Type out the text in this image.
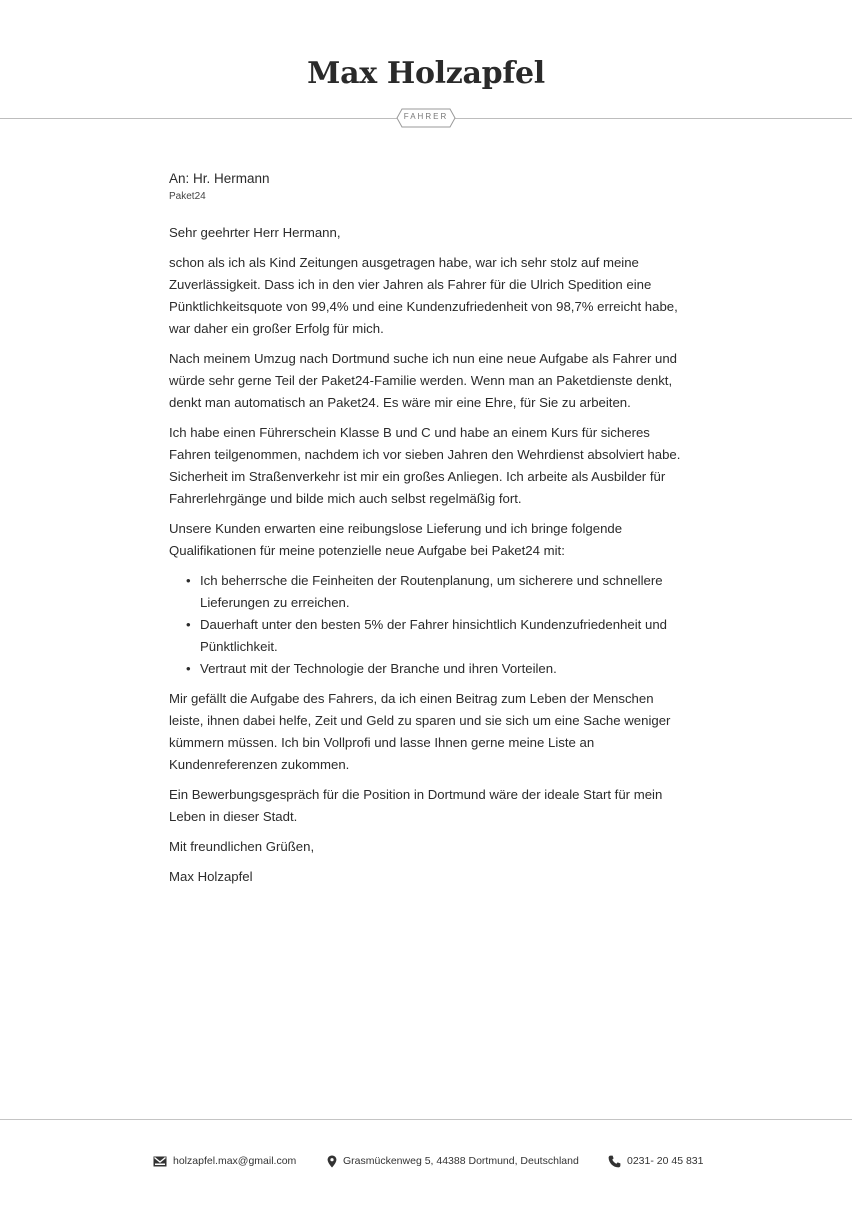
Max Holzapfel
FAHRER

An: Hr. Hermann

Paket24

Sehr geehrter Herr Hermann,

schon als ich als Kind Zeitungen ausgetragen habe, war ich sehr stolz auf meine Zuverlässigkeit. Dass ich in den vier Jahren als Fahrer für die Ulrich Spedition eine Pünktlichkeitsquote von 99,4% und eine Kundenzufriedenheit von 98,7% erreicht habe, war daher ein großer Erfolg für mich.

Nach meinem Umzug nach Dortmund suche ich nun eine neue Aufgabe als Fahrer und würde sehr gerne Teil der Paket24-Familie werden. Wenn man an Paketdienste denkt, denkt man automatisch an Paket24. Es wäre mir eine Ehre, für Sie zu arbeiten.

Ich habe einen Führerschein Klasse B und C und habe an einem Kurs für sicheres Fahren teilgenommen, nachdem ich vor sieben Jahren den Wehrdienst absolviert habe. Sicherheit im Straßenverkehr ist mir ein großes Anliegen. Ich arbeite als Ausbilder für Fahrerlehrgänge und bilde mich auch selbst regelmäßig fort.

Unsere Kunden erwarten eine reibungslose Lieferung und ich bringe folgende Qualifikationen für meine potenzielle neue Aufgabe bei Paket24 mit:

• Ich beherrsche die Feinheiten der Routenplanung, um sicherere und schnellere Lieferungen zu erreichen.
• Dauerhaft unter den besten 5% der Fahrer hinsichtlich Kundenzufriedenheit und Pünktlichkeit.
• Vertraut mit der Technologie der Branche und ihren Vorteilen.

Mir gefällt die Aufgabe des Fahrers, da ich einen Beitrag zum Leben der Menschen leiste, ihnen dabei helfe, Zeit und Geld zu sparen und sie sich um eine Sache weniger kümmern müssen. Ich bin Vollprofi und lasse Ihnen gerne meine Liste an Kundenreferenzen zukommen.

Ein Bewerbungsgespräch für die Position in Dortmund wäre der ideale Start für mein Leben in dieser Stadt.

Mit freundlichen Grüßen,

Max Holzapfel

holzapfel.max@gmail.com	Grasmückenweg 5, 44388 Dortmund, Deutschland	0231- 20 45 831
